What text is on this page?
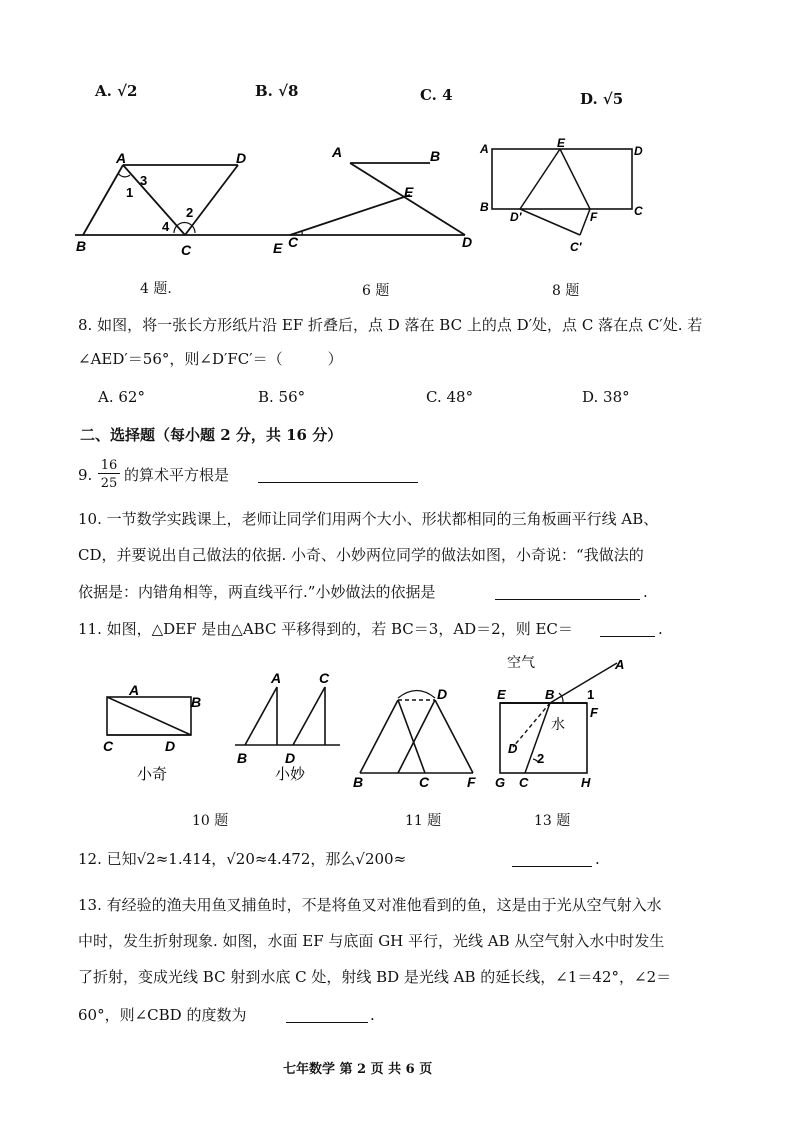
A. √2	B. √8	C. 4	D. √5
A	D
1
3
4
2
B	C	E
A	B
E
C	D
A	E
D
B
D′	F	C
C′
4 题.	6 题	8 题
8. 如图，将一张长方形纸片沿 EF 折叠后，点 D 落在 BC 上的点 D′处，点 C 落在点 C′处. 若
∠AED′＝56°，则∠D′FC′＝（　　　）
A. 62°	B. 56°	C. 48°	D. 38°
二、选择题（每小题 2 分，共 16 分）
9.
16
25 的算术平方根是
10. 一节数学实践课上，老师让同学们用两个大小、形状都相同的三角板画平行线 AB、
CD，并要说出自己做法的依据. 小奇、小妙两位同学的做法如图，小奇说：“我做法的
依据是：内错角相等，两直线平行.”小妙做法的依据是	.
11. 如图，△DEF 是由△ABC 平移得到的，若 BC＝3，AD＝2，则 EC＝	.
A
B
C	D
小奇
A	C
B	D
小妙
D
B	C	F
空气
水
A
E	B	1
F
D
2
G C	H
10 题	11 题	13 题
12. 已知√2≈1.414，√20≈4.472，那么√200≈	.
13. 有经验的渔夫用鱼叉捕鱼时，不是将鱼叉对准他看到的鱼，这是由于光从空气射入水
中时，发生折射现象. 如图，水面 EF 与底面 GH 平行，光线 AB 从空气射入水中时发生
了折射，变成光线 BC 射到水底 C 处，射线 BD 是光线 AB 的延长线，∠1＝42°，∠2＝
60°，则∠CBD 的度数为	.
七年数学 第 2 页 共 6 页
